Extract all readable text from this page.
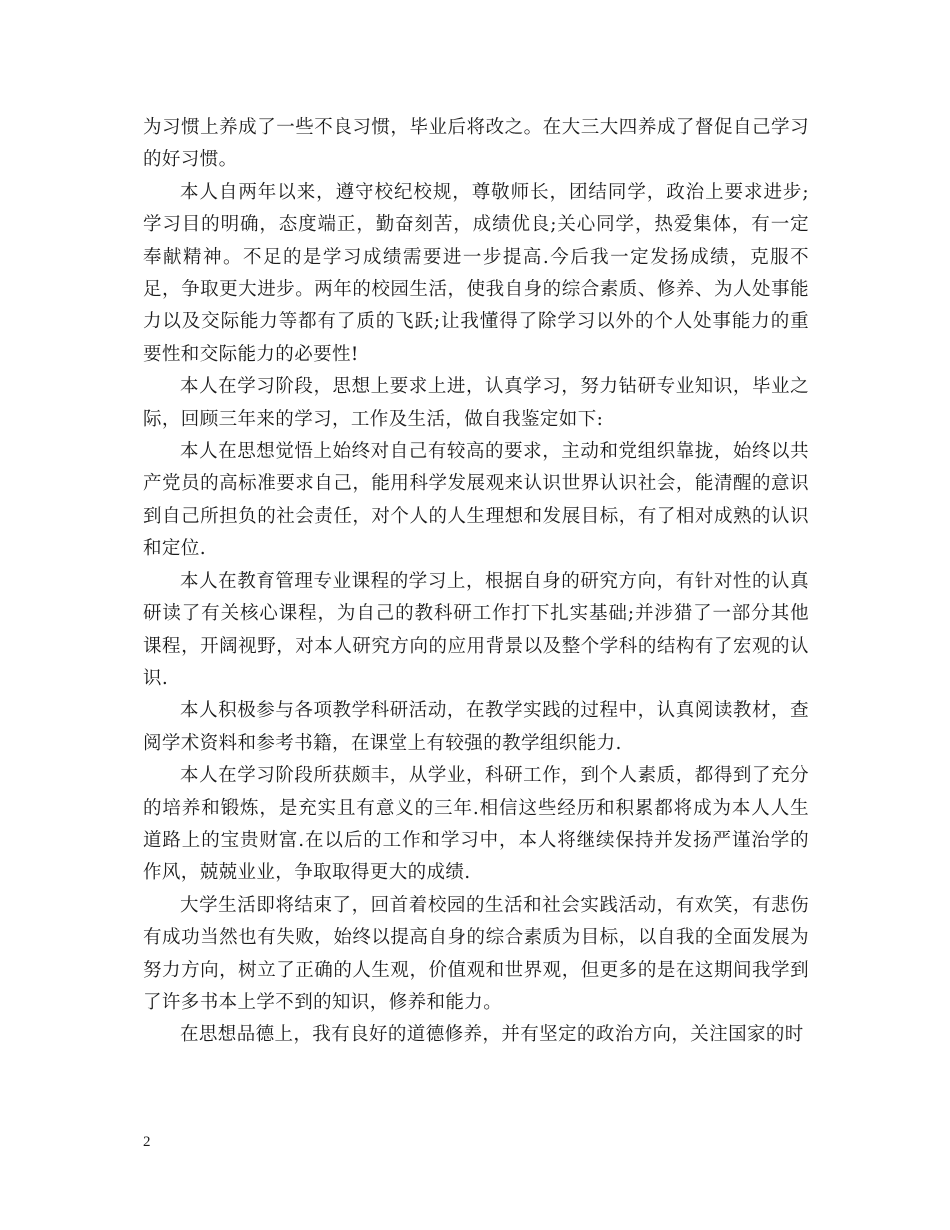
为习惯上养成了一些不良习惯，毕业后将改之。在大三大四养成了督促自己学习的好习惯。

本人自两年以来，遵守校纪校规，尊敬师长，团结同学，政治上要求进步;学习目的明确，态度端正，勤奋刻苦，成绩优良;关心同学，热爱集体，有一定奉献精神。不足的是学习成绩需要进一步提高.今后我一定发扬成绩，克服不足，争取更大进步。两年的校园生活，使我自身的综合素质、修养、为人处事能力以及交际能力等都有了质的飞跃;让我懂得了除学习以外的个人处事能力的重要性和交际能力的必要性!

本人在学习阶段，思想上要求上进，认真学习，努力钻研专业知识，毕业之际，回顾三年来的学习，工作及生活，做自我鉴定如下:

本人在思想觉悟上始终对自己有较高的要求，主动和党组织靠拢，始终以共产党员的高标准要求自己，能用科学发展观来认识世界认识社会，能清醒的意识到自己所担负的社会责任，对个人的人生理想和发展目标，有了相对成熟的认识和定位.

本人在教育管理专业课程的学习上，根据自身的研究方向，有针对性的认真研读了有关核心课程，为自己的教科研工作打下扎实基础;并涉猎了一部分其他课程，开阔视野，对本人研究方向的应用背景以及整个学科的结构有了宏观的认识.

本人积极参与各项教学科研活动，在教学实践的过程中，认真阅读教材，查阅学术资料和参考书籍，在课堂上有较强的教学组织能力.

本人在学习阶段所获颇丰，从学业，科研工作，到个人素质，都得到了充分的培养和锻炼，是充实且有意义的三年.相信这些经历和积累都将成为本人人生道路上的宝贵财富.在以后的工作和学习中，本人将继续保持并发扬严谨治学的作风，兢兢业业，争取取得更大的成绩.

大学生活即将结束了，回首着校园的生活和社会实践活动，有欢笑，有悲伤有成功当然也有失败，始终以提高自身的综合素质为目标，以自我的全面发展为努力方向，树立了正确的人生观，价值观和世界观，但更多的是在这期间我学到了许多书本上学不到的知识，修养和能力。

在思想品德上，我有良好的道德修养，并有坚定的政治方向，关注国家的时

2
